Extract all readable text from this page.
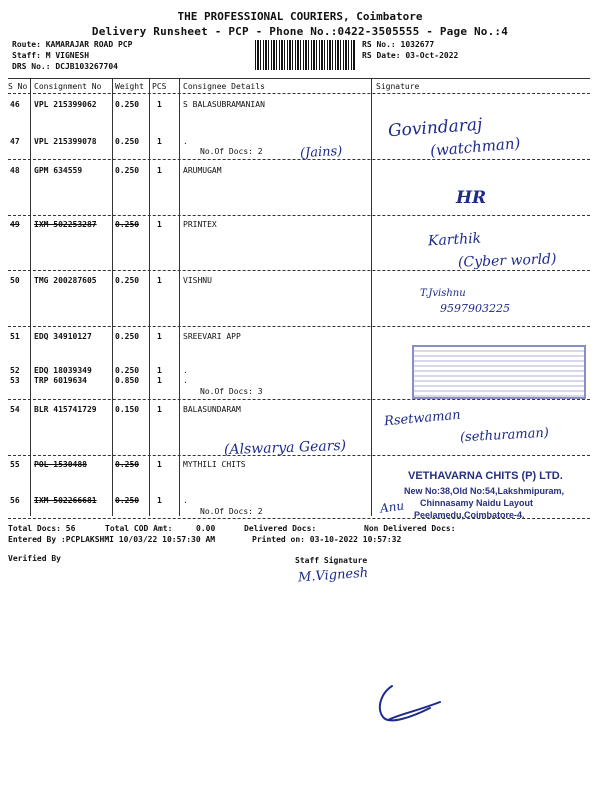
THE PROFESSIONAL COURIERS, Coimbatore
Delivery Runsheet - PCP - Phone No.:0422-3505555 - Page No.:4
Route: KAMARAJAR ROAD PCP
Staff: M VIGNESH
DRS No.: DCJB103267704
RS No.: 1032677
RS Date: 03-Oct-2022
S No Consignment No Weight PCS Consignee Details	Signature
46 VPL 215399062 0.250 1	S BALASUBRAMANIAN
47 VPL 215399078 0.250 1	.
No.Of Docs: 2
48 GPM 634559	0.250 1	ARUMUGAM
49 IXM 502253287 0.250 1	PRINTEX
50 TMG 200287605 0.250 1	VISHNU
51 EDQ 34910127	0.250 1	SREEVARI APP
52 EDQ 18039349	0.250 1	.
53 TRP 6019634	0.850 1	.
No.Of Docs: 3
54 BLR 415741729 0.150 1	BALASUNDARAM
55 POL 1530488	0.250 1	MYTHILI CHITS
56 IXM 502266681 0.250 1	.
No.Of Docs: 2
Govindaraj
(watchman)
(Jains)
HR
Karthik
(Cyber world)
T.Jvishnu
9597903225
(Alswarya Gears)
Rsetwaman
(sethuraman)
Anu
VETHAVARNA CHITS (P) LTD.
New No:38,Old No:54,Lakshmipuram,
Chinnasamy Naidu Layout
Peelamedu,Coimbatore-4.
Total Docs: 56	Total COD Amt:	0.00	Delivered Docs:	Non Delivered Docs:
Entered By :PCPLAKSHMI 10/03/22 10:57:30 AM	Printed on: 03-10-2022 10:57:32
Verified By	Staff Signature
M.Vignesh
